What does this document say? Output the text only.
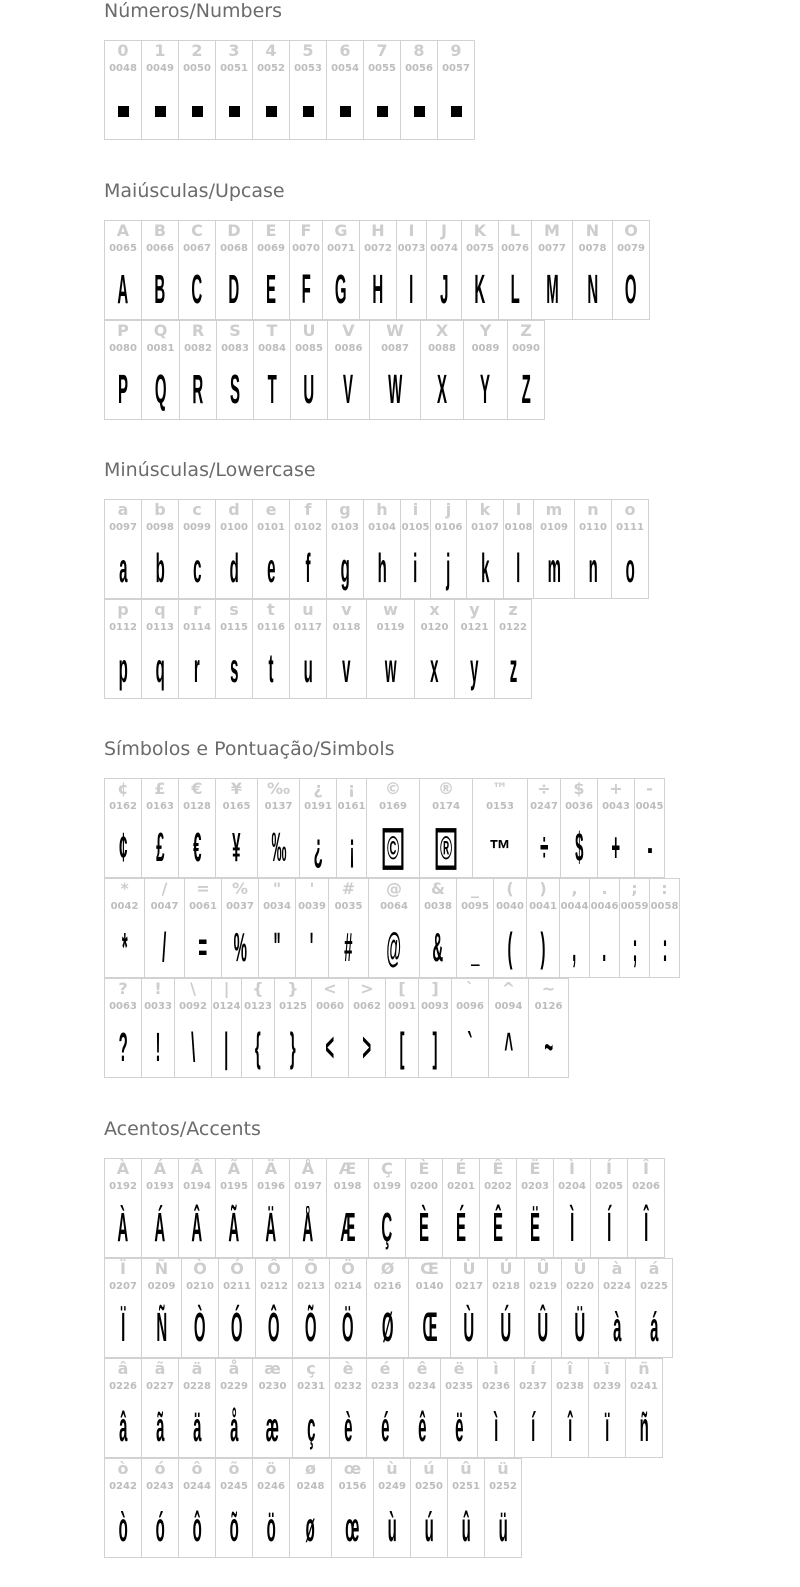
Números/Numbers
0
0048
1
0049
2
0050
3
0051
4
0052
5
0053
6
0054
7
0055
8
0056
9
0057
Maiúsculas/Upcase
A
0065
A
B
0066
B
C
0067
C
D
0068
D
E
0069
E
F
0070
F
G
0071
G
H
0072
H
I
0073
I
J
0074
J
K
0075
K
L
0076
L
M
0077
M
N
0078
N
O
0079
O
P
0080
P
Q
0081
Q
R
0082
R
S
0083
S
T
0084
T
U
0085
U
V
0086
V
W
0087
W
X
0088
X
Y
0089
Y
Z
0090
Z
Minúsculas/Lowercase
a
0097
a
b
0098
b
c
0099
c
d
0100
d
e
0101
e
f
0102
f
g
0103
g
h
0104
h
i
0105
i
j
0106
j
k
0107
k
l
0108
l
m
0109
m
n
0110
n
o
0111
o
p
0112
p
q
0113
q
r
0114
r
s
0115
s
t
0116
t
u
0117
u
v
0118
v
w
0119
w
x
0120
x
y
0121
y
z
0122
z
Símbolos e Pontuação/Simbols
¢
0162
¢
£
0163
£
€
0128
€
¥
0165
¥
‰
0137
‰
¿
0191
¿
¡
0161
¡
©
0169
©
®
0174
®
™
0153
™
÷
0247
÷
$
0036
$
+
0043
+
-
0045
-
*
0042
*
/
0047
/
=
0061
=
%
0037
%
"
0034
"
'
0039
'
#
0035
#
@
0064
@
&
0038
&
_
0095
_
(
0040
(
)
0041
)
,
0044
,
.
0046
.
;
0059
;
:
0058
:
?
0063
?
!
0033
!
\
0092
\
|
0124
|
{
0123
{
}
0125
}
<
0060
<
>
0062
>
[
0091
[
]
0093
]
`
0096
`
^
0094
^
~
0126
~
Acentos/Accents
À
0192
À
Á
0193
Á
Â
0194
Â
Ã
0195
Ã
Ä
0196
Ä
Å
0197
Å
Æ
0198
Æ
Ç
0199
Ç
È
0200
È
É
0201
É
Ê
0202
Ê
Ë
0203
Ë
Ì
0204
Ì
Í
0205
Í
Î
0206
Î
Ï
0207
Ï
Ñ
0209
Ñ
Ò
0210
Ò
Ó
0211
Ó
Ô
0212
Ô
Õ
0213
Õ
Ö
0214
Ö
Ø
0216
Ø
Œ
0140
Œ
Ù
0217
Ù
Ú
0218
Ú
Û
0219
Û
Ü
0220
Ü
à
0224
à
á
0225
á
â
0226
â
ã
0227
ã
ä
0228
ä
å
0229
å
æ
0230
æ
ç
0231
ç
è
0232
è
é
0233
é
ê
0234
ê
ë
0235
ë
ì
0236
ì
í
0237
í
î
0238
î
ï
0239
ï
ñ
0241
ñ
ò
0242
ò
ó
0243
ó
ô
0244
ô
õ
0245
õ
ö
0246
ö
ø
0248
ø
œ
0156
œ
ù
0249
ù
ú
0250
ú
û
0251
û
ü
0252
ü
